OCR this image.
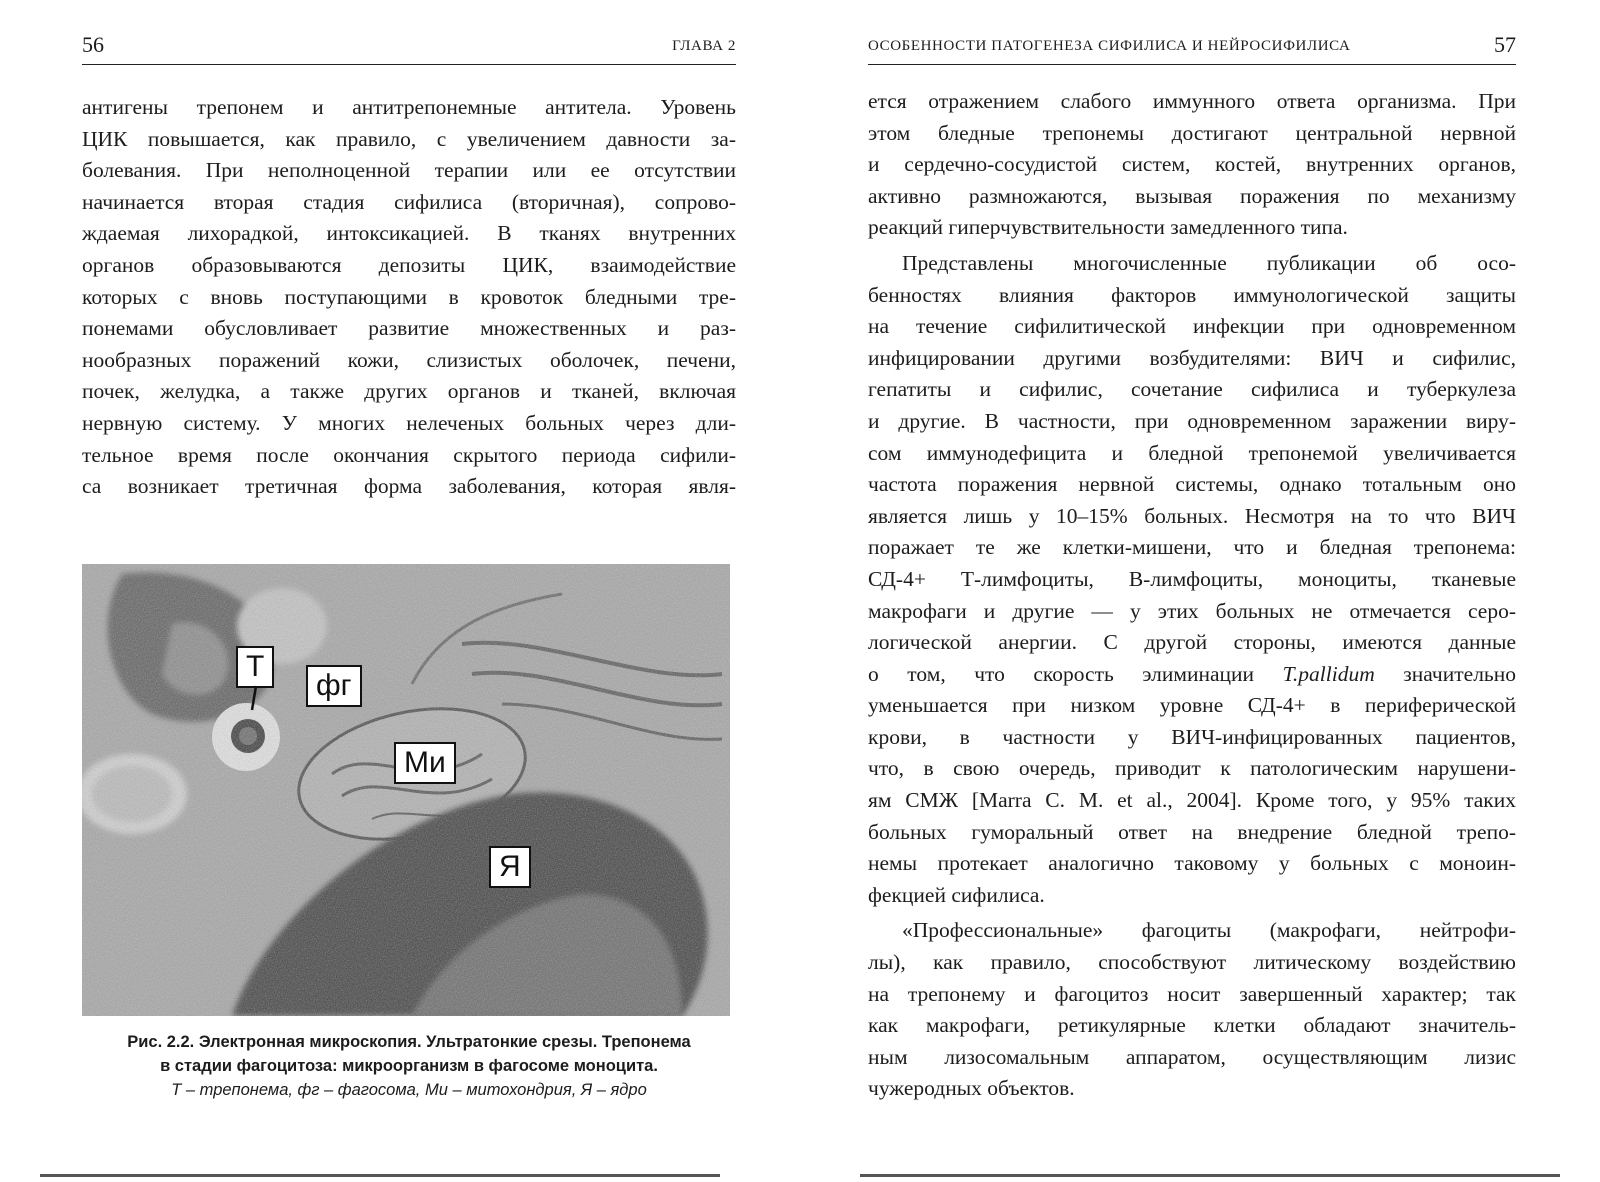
56	ГЛАВА 2
антигены трепонем и антитрепонемные антитела. Уровень
ЦИК повышается, как правило, с увеличением давности за-
болевания. При неполноценной терапии или ее отсутствии
начинается вторая стадия сифилиса (вторичная), сопрово-
ждаемая лихорадкой, интоксикацией. В тканях внутренних
органов образовываются депозиты ЦИК, взаимодействие
которых с вновь поступающими в кровоток бледными тре-
понемами обусловливает развитие множественных и раз-
нообразных поражений кожи, слизистых оболочек, печени,
почек, желудка, а также других органов и тканей, включая
нервную систему. У многих нелеченых больных через дли-
тельное время после окончания скрытого периода сифили-
са возникает третичная форма заболевания, которая явля-
Т
фг
Ми
Я
Рис. 2.2. Электронная микроскопия. Ультратонкие срезы. Трепонема
в стадии фагоцитоза: микроорганизм в фагосоме моноцита.
Т – трепонема, фг – фагосома, Ми – митохондрия, Я – ядро
ОСОБЕННОСТИ ПАТОГЕНЕЗА СИФИЛИСА И НЕЙРОСИФИЛИСА	57
ется отражением слабого иммунного ответа организма. При
этом бледные трепонемы достигают центральной нервной
и сердечно-сосудистой систем, костей, внутренних органов,
активно размножаются, вызывая поражения по механизму
реакций гиперчувствительности замедленного типа.
Представлены многочисленные публикации об осо-
бенностях влияния факторов иммунологической защиты
на течение сифилитической инфекции при одновременном
инфицировании другими возбудителями: ВИЧ и сифилис,
гепатиты и сифилис, сочетание сифилиса и туберкулеза
и другие. В частности, при одновременном заражении виру-
сом иммунодефицита и бледной трепонемой увеличивается
частота поражения нервной системы, однако тотальным оно
является лишь у 10–15% больных. Несмотря на то что ВИЧ
поражает те же клетки-мишени, что и бледная трепонема:
СД-4+ Т-лимфоциты, В-лимфоциты, моноциты, тканевые
макрофаги и другие — у этих больных не отмечается серо-
логической анергии. С другой стороны, имеются данные
о том, что скорость элиминации T.pallidum значительно
уменьшается при низком уровне СД-4+ в периферической
крови, в частности у ВИЧ-инфицированных пациентов,
что, в свою очередь, приводит к патологическим нарушени-
ям СМЖ [Marra C. M. et al., 2004]. Кроме того, у 95% таких
больных гуморальный ответ на внедрение бледной трепо-
немы протекает аналогично таковому у больных с моноин-
фекцией сифилиса.
«Профессиональные» фагоциты (макрофаги, нейтрофи-
лы), как правило, способствуют литическому воздействию
на трепонему и фагоцитоз носит завершенный характер; так
как макрофаги, ретикулярные клетки обладают значитель-
ным лизосомальным аппаратом, осуществляющим лизис
чужеродных объектов.
